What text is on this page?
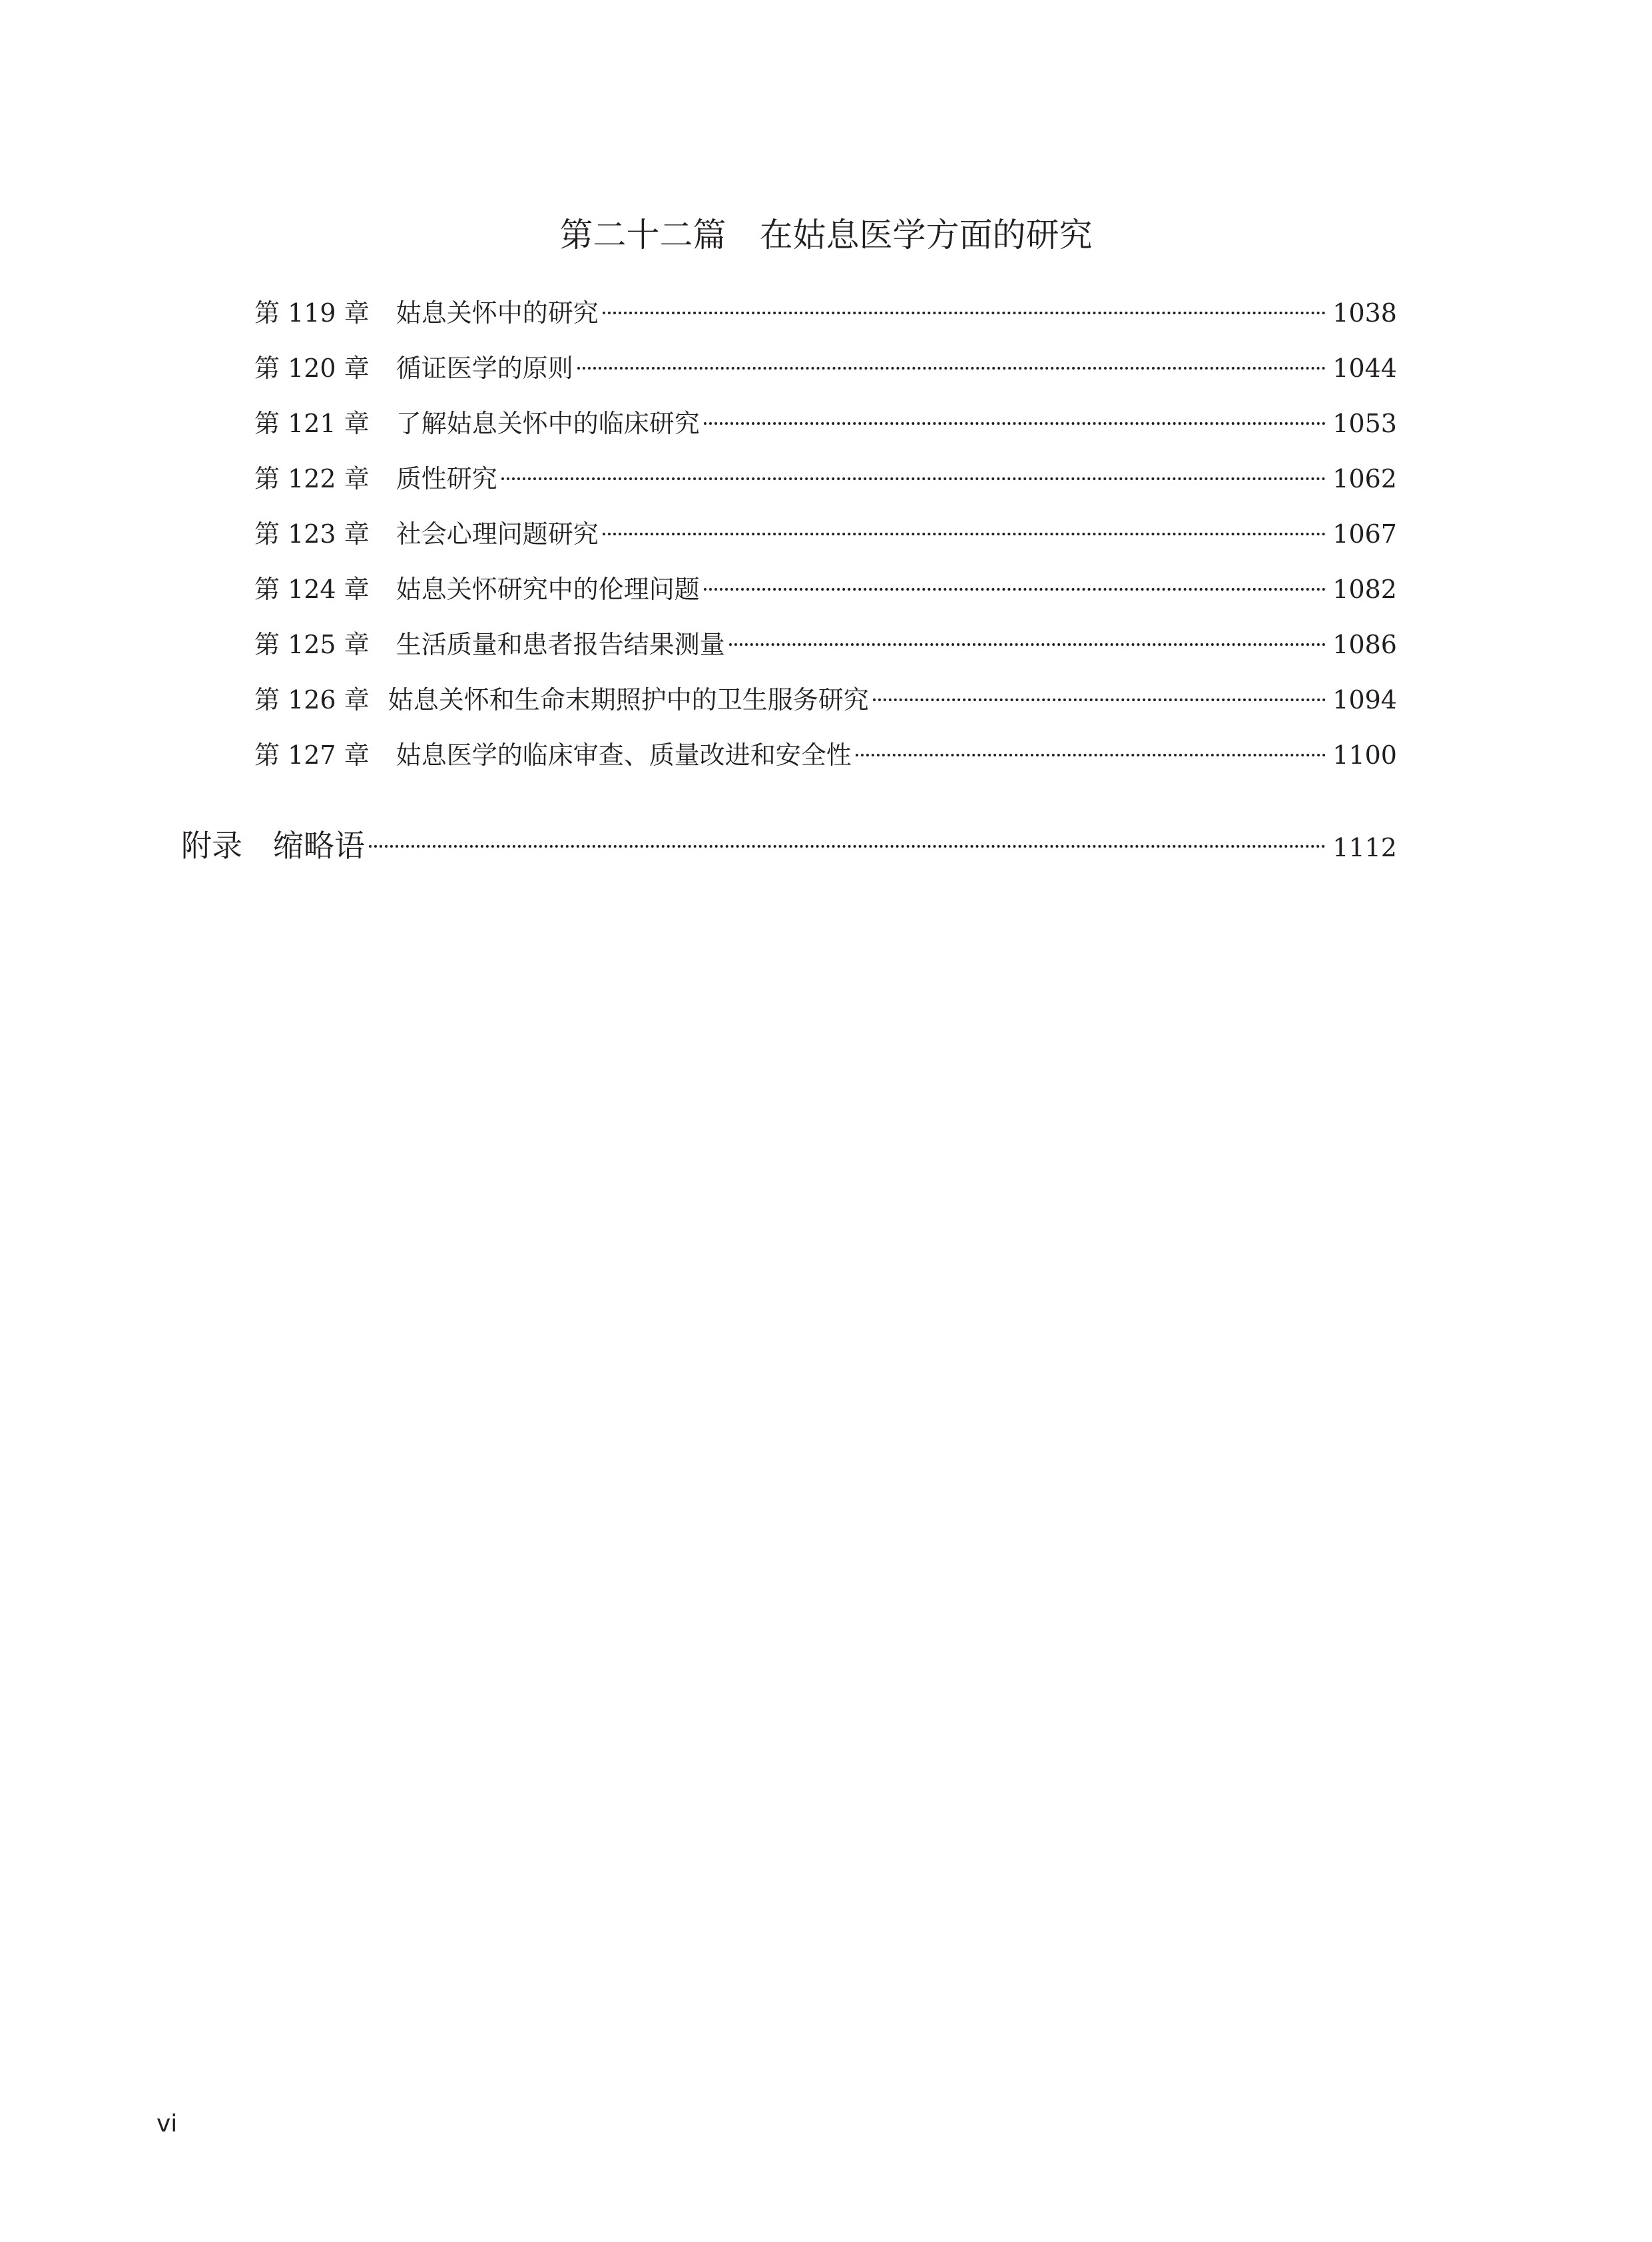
第二十二篇　在姑息医学方面的研究
第 119 章 姑息关怀中的研究	1038
第 120 章 循证医学的原则	1044
第 121 章 了解姑息关怀中的临床研究	1053
第 122 章 质性研究	1062
第 123 章 社会心理问题研究	1067
第 124 章 姑息关怀研究中的伦理问题	1082
第 125 章 生活质量和患者报告结果测量	1086
第 126 章 姑息关怀和生命末期照护中的卫生服务研究	1094
第 127 章 姑息医学的临床审查、质量改进和安全性	1100
附录 缩略语	1112
vi
